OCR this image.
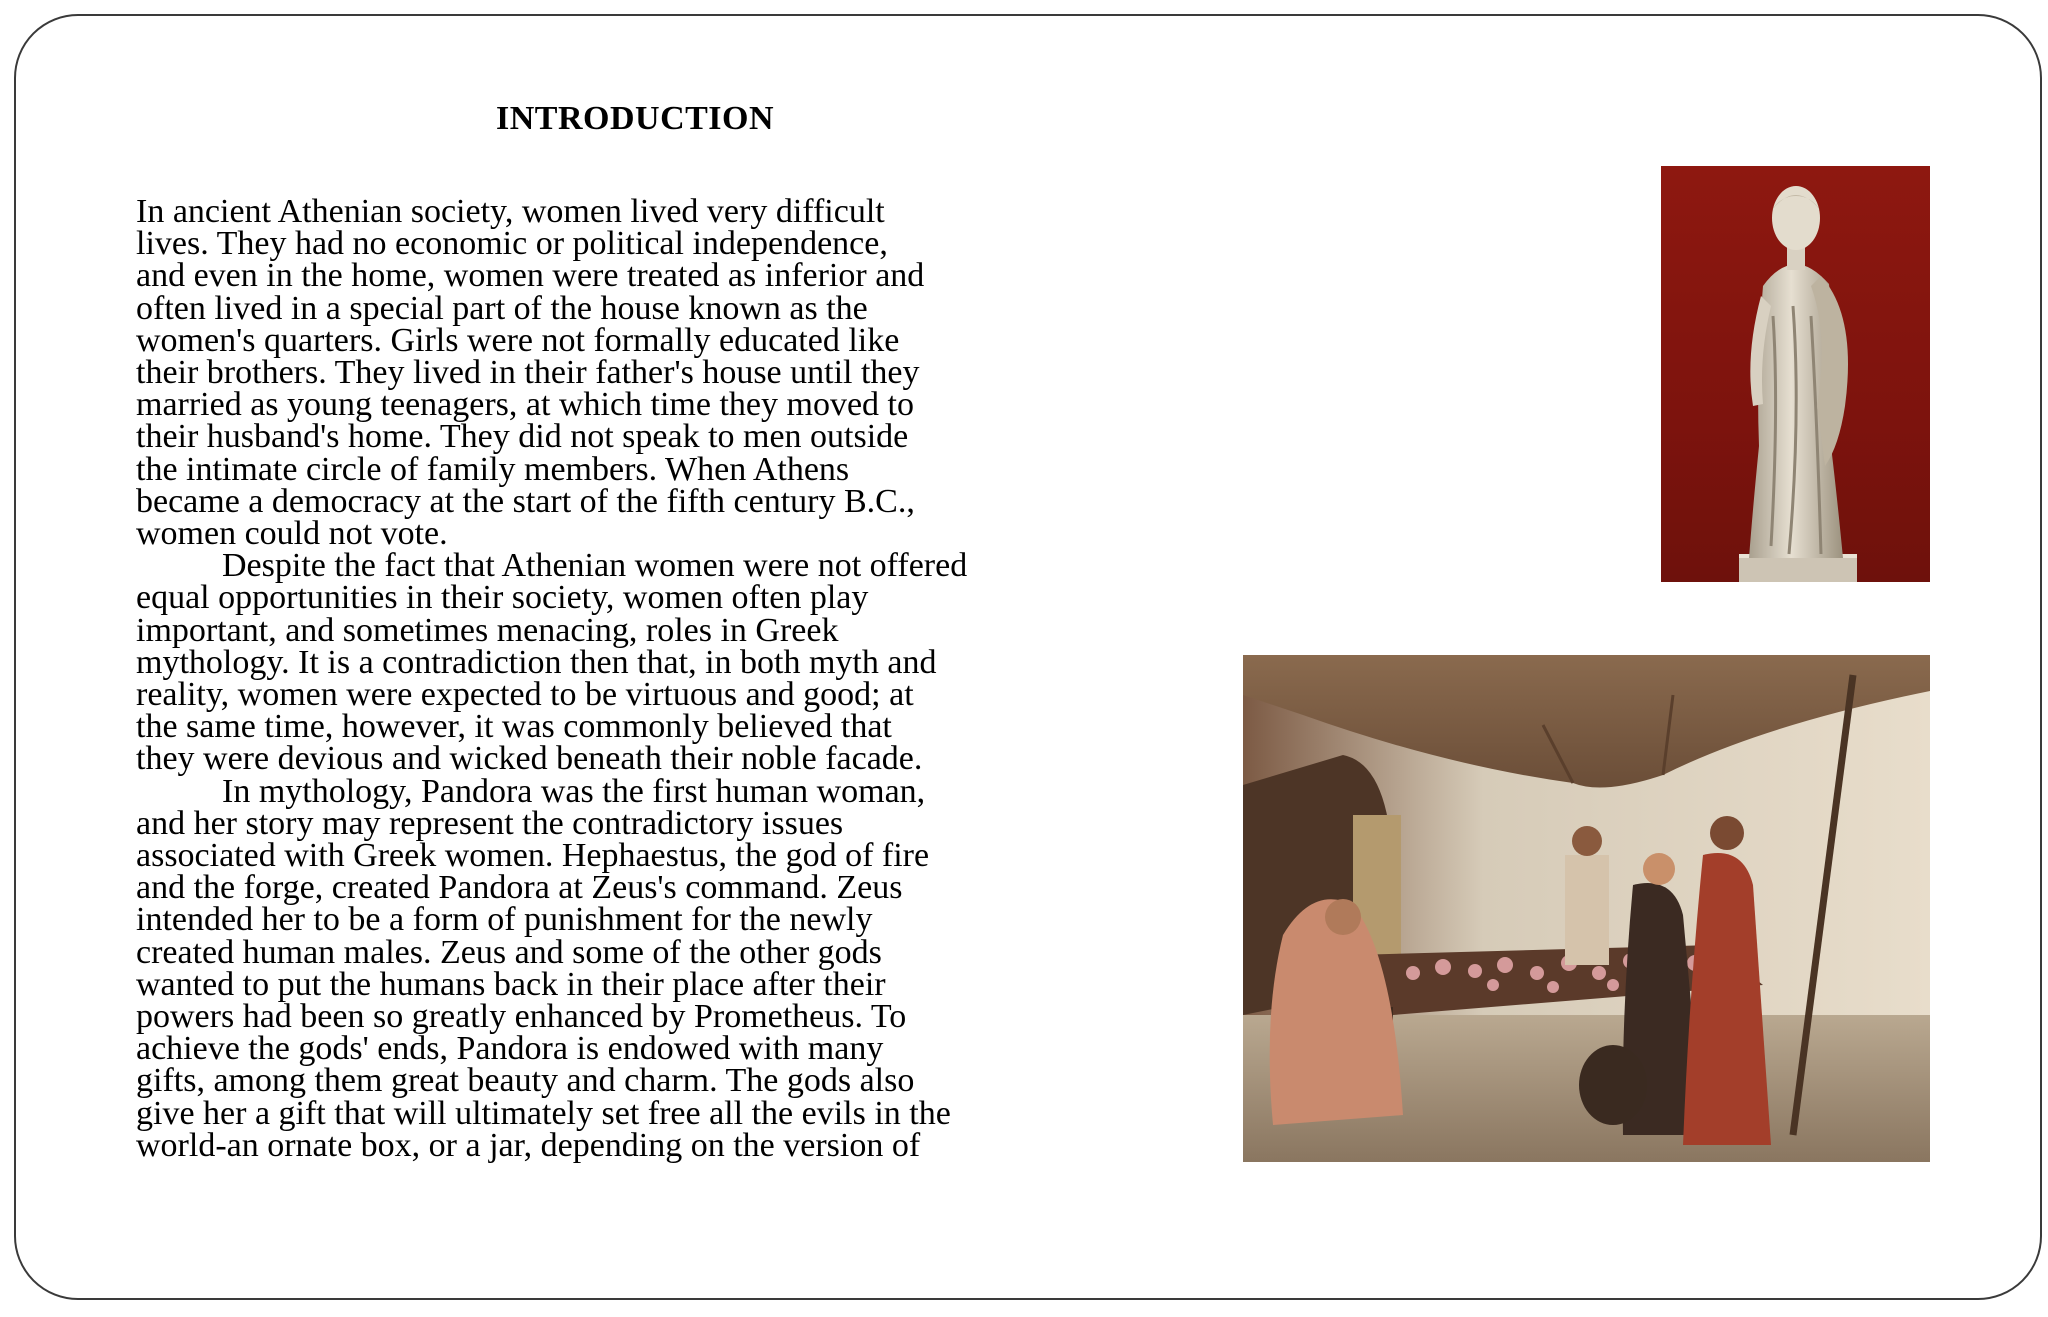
INTRODUCTION

In ancient Athenian society, women lived very difficult

lives. They had no economic or political independence,

and even in the home, women were treated as inferior and

often lived in a special part of the house known as the

women's quarters. Girls were not formally educated like

their brothers. They lived in their father's house until they

married as young teenagers, at which time they moved to

their husband's home. They did not speak to men outside

the intimate circle of family members. When Athens

became a democracy at the start of the fifth century B.C.,

women could not vote.

Despite the fact that Athenian women were not offered

equal opportunities in their society, women often play

important, and sometimes menacing, roles in Greek

mythology. It is a contradiction then that, in both myth and

reality, women were expected to be virtuous and good; at

the same time, however, it was commonly believed that

they were devious and wicked beneath their noble facade.

In mythology, Pandora was the first human woman,

and her story may represent the contradictory issues

associated with Greek women. Hephaestus, the god of fire

and the forge, created Pandora at Zeus's command. Zeus

intended her to be a form of punishment for the newly

created human males. Zeus and some of the other gods

wanted to put the humans back in their place after their

powers had been so greatly enhanced by Prometheus. To

achieve the gods' ends, Pandora is endowed with many

gifts, among them great beauty and charm. The gods also

give her a gift that will ultimately set free all the evils in the

world-an ornate box, or a jar, depending on the version of
